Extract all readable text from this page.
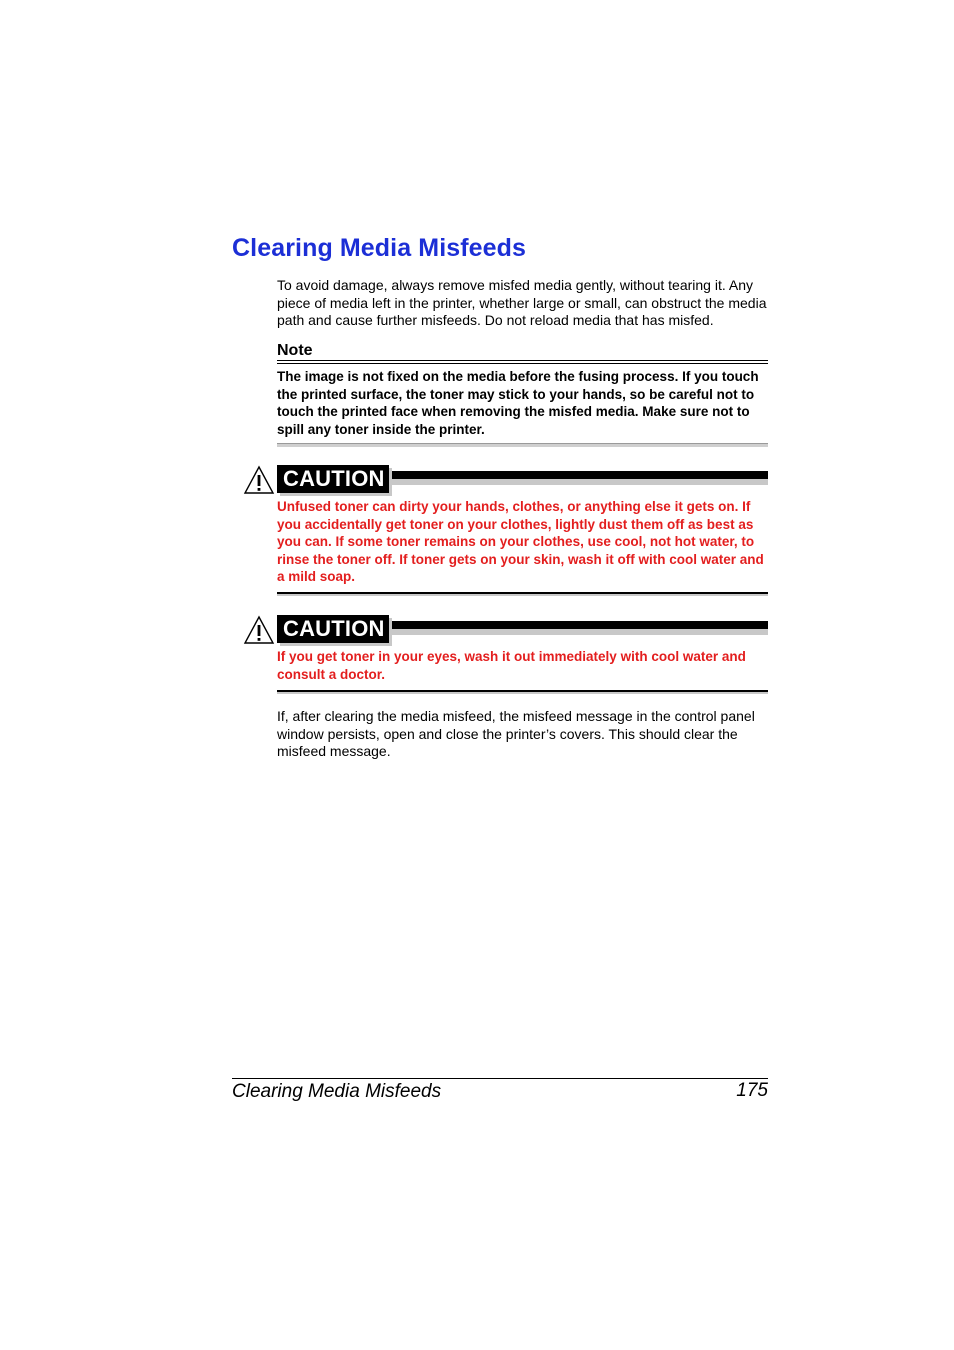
Clearing Media Misfeeds

To avoid damage, always remove misfed media gently, without tearing it. Any piece of media left in the printer, whether large or small, can obstruct the media path and cause further misfeeds. Do not reload media that has misfed.

Note

The image is not fixed on the media before the fusing process. If you touch the printed surface, the toner may stick to your hands, so be careful not to touch the printed face when removing the misfed media. Make sure not to spill any toner inside the printer.

CAUTION

Unfused toner can dirty your hands, clothes, or anything else it gets on. If you accidentally get toner on your clothes, lightly dust them off as best as you can. If some toner remains on your clothes, use cool, not hot water, to rinse the toner off. If toner gets on your skin, wash it off with cool water and a mild soap.

CAUTION

If you get toner in your eyes, wash it out immediately with cool water and consult a doctor.

If, after clearing the media misfeed, the misfeed message in the control panel window persists, open and close the printer’s covers. This should clear the misfeed message.

Clearing Media Misfeeds	175
